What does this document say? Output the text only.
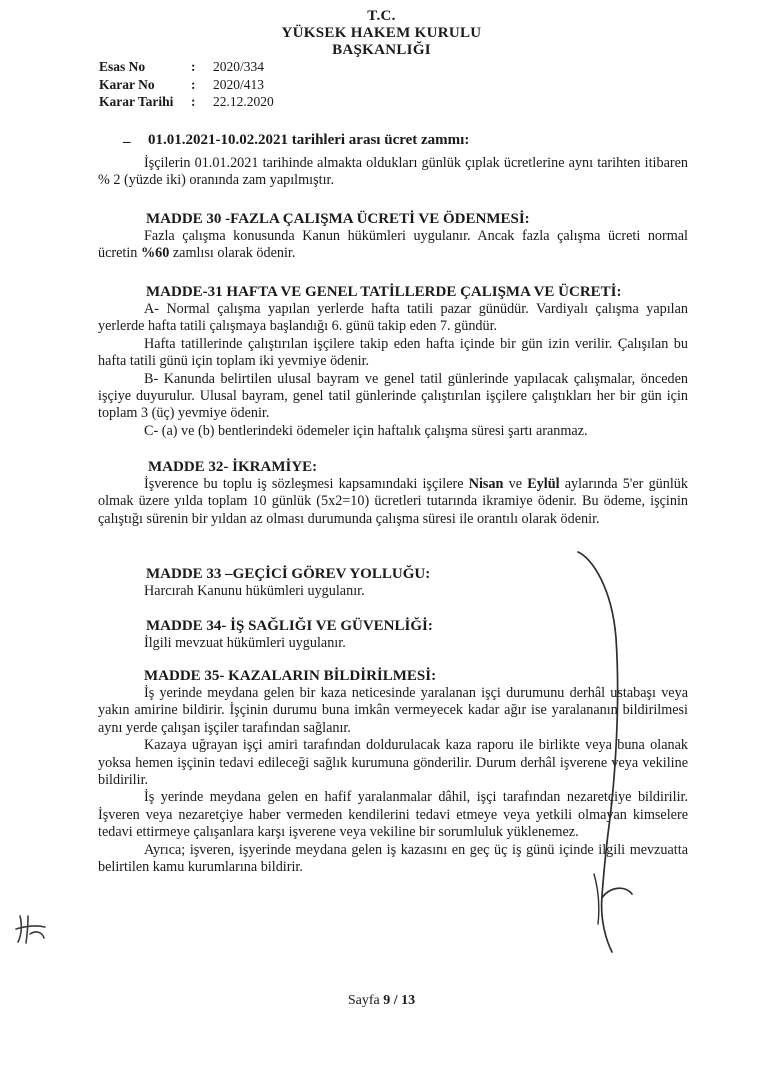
T.C.
YÜKSEK HAKEM KURULU
BAŞKANLIĞI
Esas No	:	2020/334
Karar No	:	2020/413
Karar Tarihi	:	22.12.2020
– 01.01.2021-10.02.2021 tarihleri arası ücret zammı:

İşçilerin 01.01.2021 tarihinde almakta oldukları günlük çıplak ücretlerine aynı tarihten itibaren % 2 (yüzde iki) oranında zam yapılmıştır.

MADDE 30 -FAZLA ÇALIŞMA ÜCRETİ VE ÖDENMESİ:

Fazla çalışma konusunda Kanun hükümleri uygulanır. Ancak fazla çalışma ücreti normal ücretin %60 zamlısı olarak ödenir.

MADDE-31 HAFTA VE GENEL TATİLLERDE ÇALIŞMA VE ÜCRETİ:

A- Normal çalışma yapılan yerlerde hafta tatili pazar günüdür. Vardiyalı çalışma yapılan yerlerde hafta tatili çalışmaya başlandığı 6. günü takip eden 7. gündür.

Hafta tatillerinde çalıştırılan işçilere takip eden hafta içinde bir gün izin verilir. Çalışılan bu hafta tatili günü için toplam iki yevmiye ödenir.

B- Kanunda belirtilen ulusal bayram ve genel tatil günlerinde yapılacak çalışmalar, önceden işçiye duyurulur. Ulusal bayram, genel tatil günlerinde çalıştırılan işçilere çalıştıkları her bir gün için toplam 3 (üç) yevmiye ödenir.

C- (a) ve (b) bentlerindeki ödemeler için haftalık çalışma süresi şartı aranmaz.

MADDE 32- İKRAMİYE:

İşverence bu toplu iş sözleşmesi kapsamındaki işçilere Nisan ve Eylül aylarında 5'er günlük olmak üzere yılda toplam 10 günlük (5x2=10) ücretleri tutarında ikramiye ödenir. Bu ödeme, işçinin çalıştığı sürenin bir yıldan az olması durumunda çalışma süresi ile orantılı olarak ödenir.

MADDE 33 –GEÇİCİ GÖREV YOLLUĞU:

Harcırah Kanunu hükümleri uygulanır.

MADDE 34- İŞ SAĞLIĞI VE GÜVENLİĞİ:

İlgili mevzuat hükümleri uygulanır.

MADDE 35- KAZALARIN BİLDİRİLMESİ:

İş yerinde meydana gelen bir kaza neticesinde yaralanan işçi durumunu derhâl ustabaşı veya yakın amirine bildirir. İşçinin durumu buna imkân vermeyecek kadar ağır ise yaralananın bildirilmesi aynı yerde çalışan işçiler tarafından sağlanır.

Kazaya uğrayan işçi amiri tarafından doldurulacak kaza raporu ile birlikte veya buna olanak yoksa hemen işçinin tedavi edileceği sağlık kurumuna gönderilir. Durum derhâl işverene veya vekiline bildirilir.

İş yerinde meydana gelen en hafif yaralanmalar dâhil, işçi tarafından nezaretçiye bildirilir. İşveren veya nezaretçiye haber vermeden kendilerini tedavi etmeye veya yetkili olmayan kimselere tedavi ettirmeye çalışanlara karşı işverene veya vekiline bir sorumluluk yüklenemez.

Ayrıca; işveren, işyerinde meydana gelen iş kazasını en geç üç iş günü içinde ilgili mevzuatta belirtilen kamu kurumlarına bildirir.

Sayfa 9 / 13
